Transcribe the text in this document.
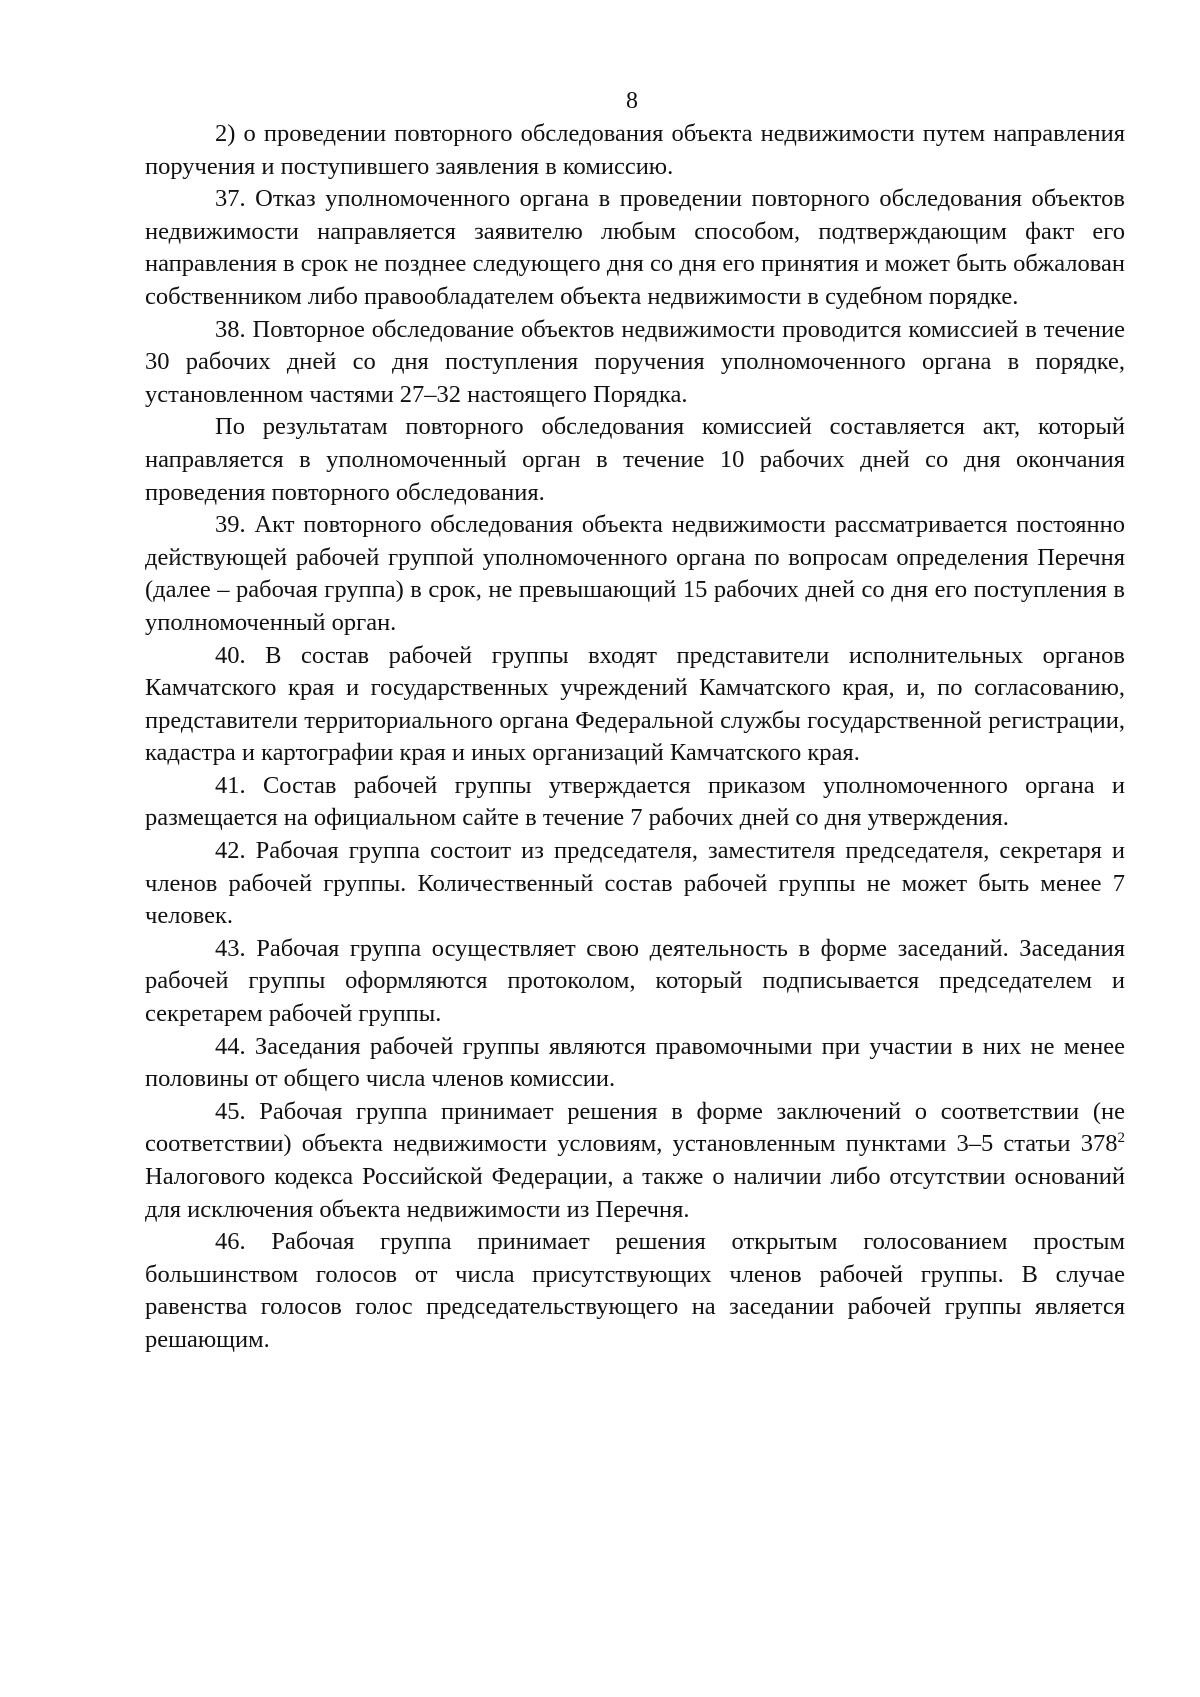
8

2) о проведении повторного обследования объекта недвижимости путем направления поручения и поступившего заявления в комиссию.

37. Отказ уполномоченного органа в проведении повторного обследования объектов недвижимости направляется заявителю любым способом, подтверждающим факт его направления в срок не позднее следующего дня со дня его принятия и может быть обжалован собственником либо правообладателем объекта недвижимости в судебном порядке.

38. Повторное обследование объектов недвижимости проводится комиссией в течение 30 рабочих дней со дня поступления поручения уполномоченного органа в порядке, установленном частями 27–32 настоящего Порядка.

По результатам повторного обследования комиссией составляется акт, который направляется в уполномоченный орган в течение 10 рабочих дней со дня окончания проведения повторного обследования.

39. Акт повторного обследования объекта недвижимости рассматривается постоянно действующей рабочей группой уполномоченного органа по вопросам определения Перечня (далее – рабочая группа) в срок, не превышающий 15 рабочих дней со дня его поступления в уполномоченный орган.

40. В состав рабочей группы входят представители исполнительных органов Камчатского края и государственных учреждений Камчатского края, и, по согласованию, представители территориального органа Федеральной службы государственной регистрации, кадастра и картографии края и иных организаций Камчатского края.

41. Состав рабочей группы утверждается приказом уполномоченного органа и размещается на официальном сайте в течение 7 рабочих дней со дня утверждения.

42. Рабочая группа состоит из председателя, заместителя председателя, секретаря и членов рабочей группы. Количественный состав рабочей группы не может быть менее 7 человек.

43. Рабочая группа осуществляет свою деятельность в форме заседаний. Заседания рабочей группы оформляются протоколом, который подписывается председателем и секретарем рабочей группы.

44. Заседания рабочей группы являются правомочными при участии в них не менее половины от общего числа членов комиссии.

45. Рабочая группа принимает решения в форме заключений о соответствии (не соответствии) объекта недвижимости условиям, установленным пунктами 3–5 статьи $378^2$ Налогового кодекса Российской Федерации, а также о наличии либо отсутствии оснований для исключения объекта недвижимости из Перечня.

46. Рабочая группа принимает решения открытым голосованием простым большинством голосов от числа присутствующих членов рабочей группы. В случае равенства голосов голос председательствующего на заседании рабочей группы является решающим.
